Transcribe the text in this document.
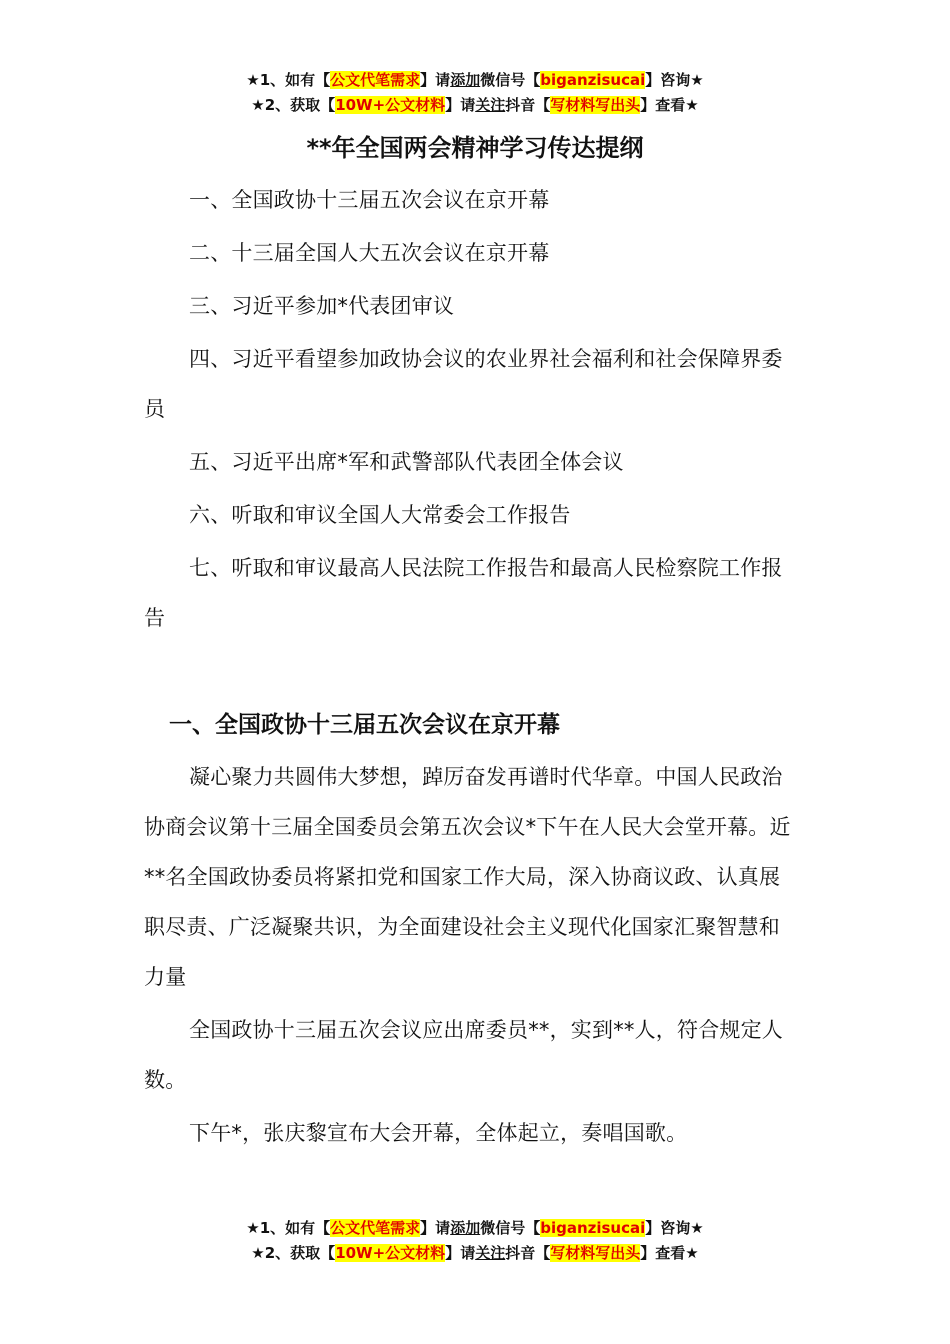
★1、如有【公文代笔需求】请添加微信号【biganzisucai】咨询★
★2、获取【10W+公文材料】请关注抖音【写材料写出头】查看★
**年全国两会精神学习传达提纲

一、全国政协十三届五次会议在京开幕

二、十三届全国人大五次会议在京开幕

三、习近平参加*代表团审议

四、习近平看望参加政协会议的农业界社会福利和社会保障界委员

五、习近平出席*军和武警部队代表团全体会议

六、听取和审议全国人大常委会工作报告

七、听取和审议最高人民法院工作报告和最高人民检察院工作报告

一、全国政协十三届五次会议在京开幕

凝心聚力共圆伟大梦想，踔厉奋发再谱时代华章。中国人民政治协商会议第十三届全国委员会第五次会议*下午在人民大会堂开幕。近**名全国政协委员将紧扣党和国家工作大局，深入协商议政、认真展职尽责、广泛凝聚共识，为全面建设社会主义现代化国家汇聚智慧和力量

全国政协十三届五次会议应出席委员**，实到**人，符合规定人数。

下午*，张庆黎宣布大会开幕，全体起立，奏唱国歌。

★1、如有【公文代笔需求】请添加微信号【biganzisucai】咨询★
★2、获取【10W+公文材料】请关注抖音【写材料写出头】查看★
